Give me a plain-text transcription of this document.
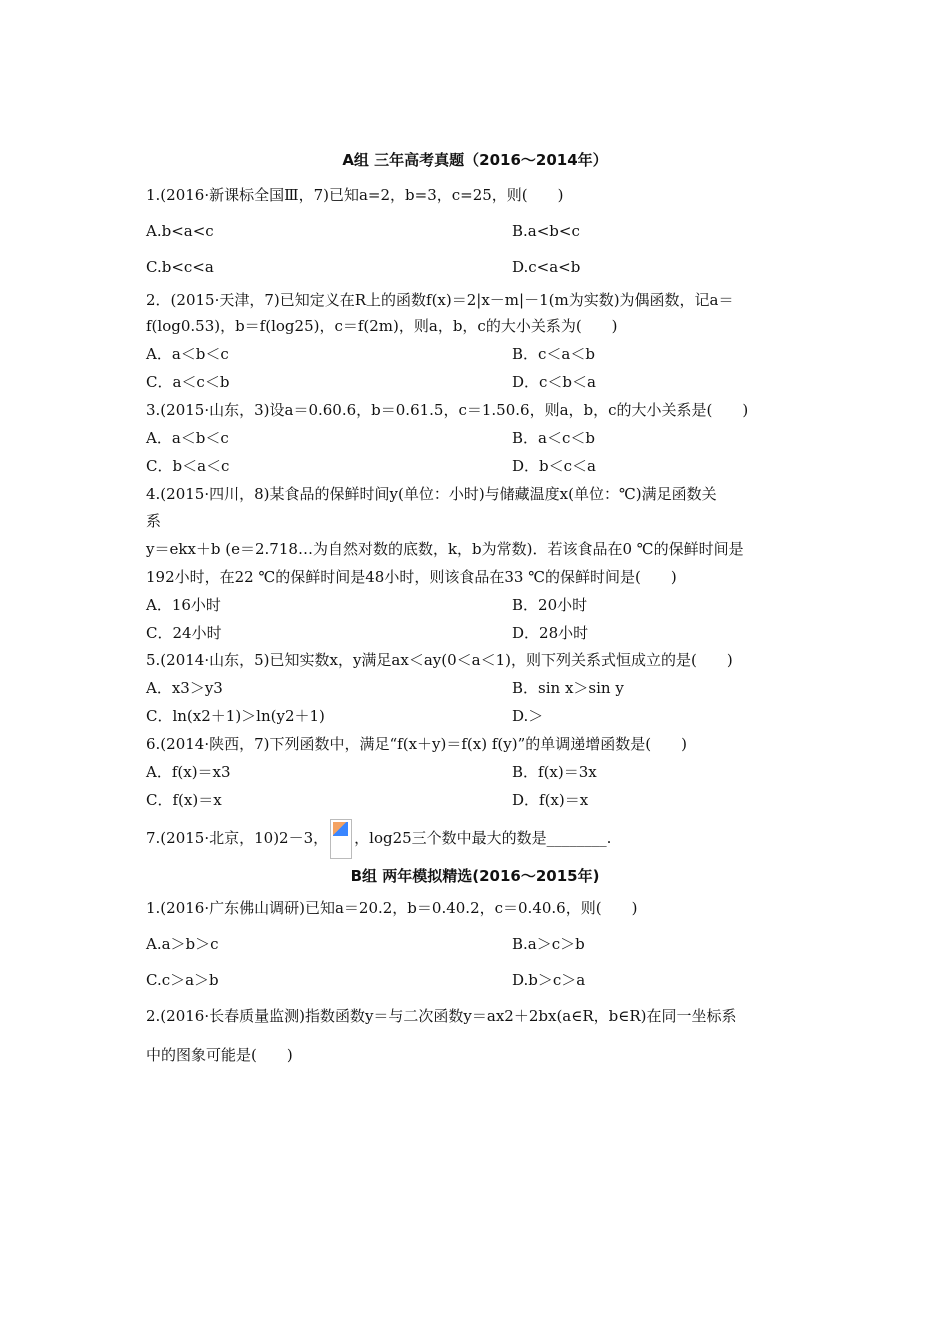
A组 三年高考真题（2016～2014年）
1.(2016·新课标全国Ⅲ，7)已知a=2，b=3，c=25，则(　　)
A.b<a<c	B.a<b<c
C.b<c<a	D.c<a<b
2．(2015·天津，7)已知定义在R上的函数f(x)＝2|x－m|－1(m为实数)为偶函数，记a＝
f(log0.53)，b＝f(log25)，c＝f(2m)，则a，b，c的大小关系为(　　)
A．a＜b＜c	B．c＜a＜b
C．a＜c＜b	D．c＜b＜a
3.(2015·山东，3)设a＝0.60.6，b＝0.61.5，c＝1.50.6，则a，b，c的大小关系是(　　)
A．a＜b＜c	B．a＜c＜b
C．b＜a＜c	D．b＜c＜a
4.(2015·四川，8)某食品的保鲜时间y(单位：小时)与储藏温度x(单位：℃)满足函数关
系
y＝ekx＋b (e＝2.718…为自然对数的底数，k，b为常数)．若该食品在0 ℃的保鲜时间是
192小时，在22 ℃的保鲜时间是48小时，则该食品在33 ℃的保鲜时间是(　　)
A．16小时	B．20小时
C．24小时	D．28小时
5.(2014·山东，5)已知实数x，y满足ax＜ay(0＜a＜1)，则下列关系式恒成立的是(　　)
A．x3＞y3	B．sin x＞sin y
C．ln(x2＋1)＞ln(y2＋1)	D.＞
6.(2014·陕西，7)下列函数中，满足“f(x＋y)＝f(x) f(y)”的单调递增函数是(　　)
A．f(x)＝x3	B．f(x)＝3x
C．f(x)＝x	D．f(x)＝x
7.(2015·北京，10)2－3， ，log25三个数中最大的数是________.
B组 两年模拟精选(2016～2015年)
1.(2016·广东佛山调研)已知a＝20.2，b＝0.40.2，c＝0.40.6，则(　　)
A.a＞b＞c	B.a＞c＞b
C.c＞a＞b	D.b＞c＞a
2.(2016·长春质量监测)指数函数y＝与二次函数y＝ax2＋2bx(a∈R，b∈R)在同一坐标系
中的图象可能是(　　)
